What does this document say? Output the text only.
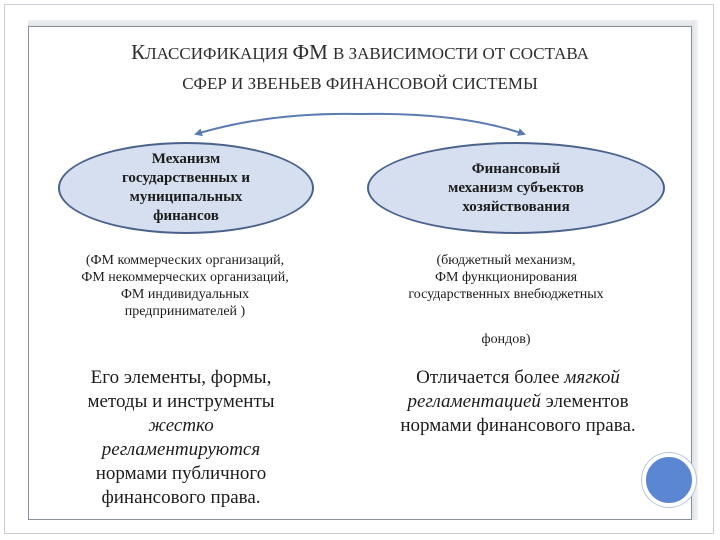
КЛАССИФИКАЦИЯ ФМ В ЗАВИСИМОСТИ ОТ СОСТАВА
СФЕР И ЗВЕНЬЕВ ФИНАНСОВОЙ СИСТЕМЫ
Механизм
государственных и
муниципальных
финансов
Финансовый
механизм субъектов
хозяйствования
(ФМ коммерческих организаций,
ФМ некоммерческих организаций,
ФМ индивидуальных
предпринимателей )
(бюджетный механизм,
ФМ функционирования
государственных внебюджетных
фондов)
Его элементы, формы,
методы и инструменты
жестко
регламентируются
нормами публичного
финансового права.
Отличается более мягкой
регламентацией элементов
нормами финансового права.
